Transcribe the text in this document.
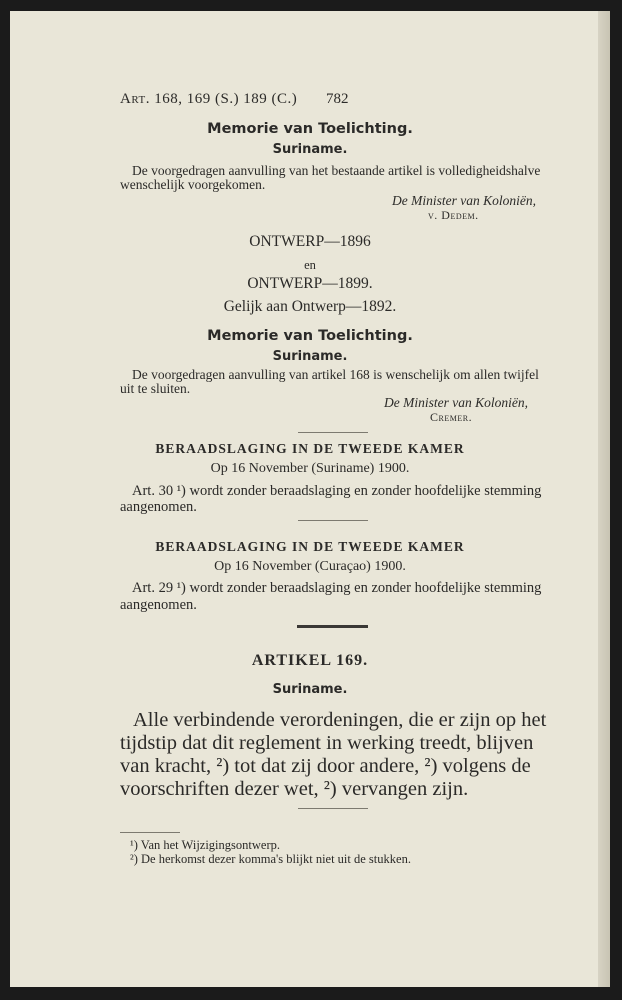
Art. 168, 169 (S.) 189 (C.) 782
Memorie van Toelichting.
Suriname.
De voorgedragen aanvulling van het bestaande artikel is volledigheidshalve
wenschelijk voorgekomen.
De Minister van Koloniën,
v. Dedem.
ONTWERP—1896
en
ONTWERP—1899.
Gelijk aan Ontwerp—1892.
Memorie van Toelichting.
Suriname.
De voorgedragen aanvulling van artikel 168 is wenschelijk om allen twijfel
uit te sluiten.
De Minister van Koloniën,
Cremer.
BERAADSLAGING IN DE TWEEDE KAMER
Op 16 November (Suriname) 1900.
Art. 30 ¹) wordt zonder beraadslaging en zonder hoofdelijke stemming
aangenomen.
BERAADSLAGING IN DE TWEEDE KAMER
Op 16 November (Curaçao) 1900.
Art. 29 ¹) wordt zonder beraadslaging en zonder hoofdelijke stemming
aangenomen.
ARTIKEL 169.
Suriname.
Alle verbindende verordeningen, die er zijn op het
tijdstip dat dit reglement in werking treedt, blijven
van kracht, ²) tot dat zij door andere, ²) volgens de
voorschriften dezer wet, ²) vervangen zijn.
¹) Van het Wijzigingsontwerp.
²) De herkomst dezer komma's blijkt niet uit de stukken.
